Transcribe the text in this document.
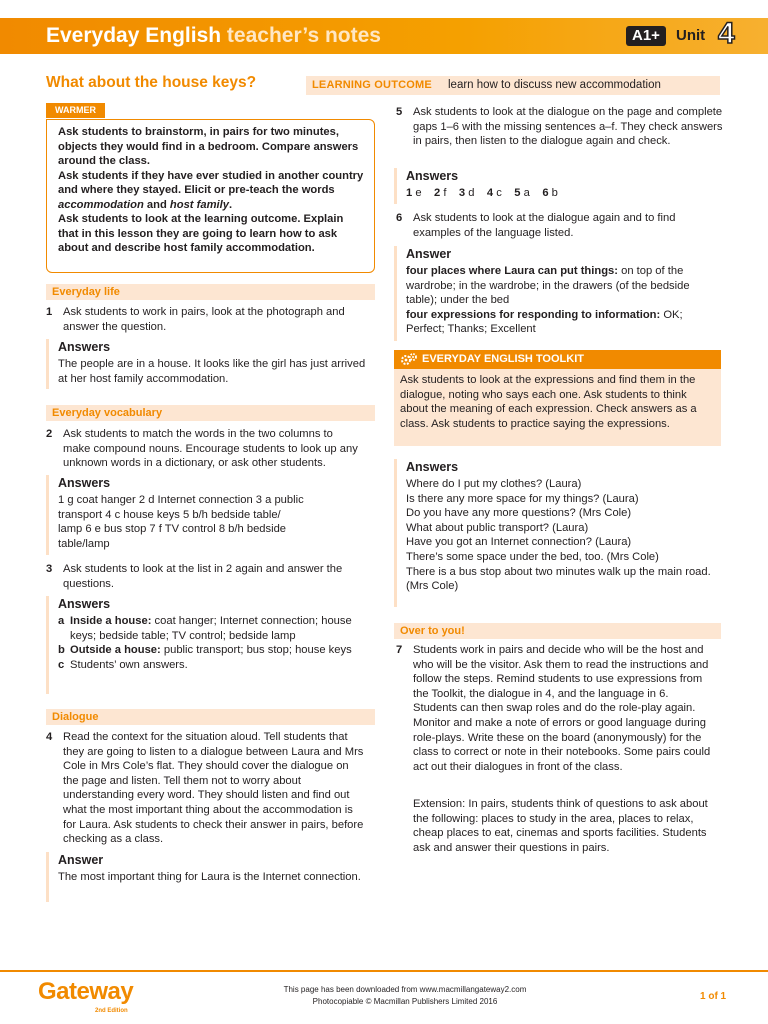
Everyday English teacher’s notes	A1+	Unit 4
What about the house keys?	LEARNING OUTCOME	learn how to discuss new accommodation
WARMER

Ask students to brainstorm, in pairs for two minutes, objects they would find in a bedroom. Compare answers around the class.

Ask students if they have ever studied in another country and where they stayed. Elicit or pre-teach the words accommodation and host family.

Ask students to look at the learning outcome. Explain that in this lesson they are going to learn how to ask about and describe host family accommodation.

Everyday life
1 Ask students to work in pairs, look at the photograph and answer the question.
Answers
The people are in a house. It looks like the girl has just arrived at her host family accommodation.
Everyday vocabulary
2 Ask students to match the words in the two columns to make compound nouns. Encourage students to look up any unknown words in a dictionary, or ask other students.
Answers
1 g coat hanger 2 d Internet connection 3 a public
transport 4 c house keys 5 b/h bedside table/
lamp 6 e bus stop 7 f TV control 8 b/h bedside
table/lamp
3 Ask students to look at the list in 2 again and answer the questions.
Answers
a Inside a house: coat hanger; Internet connection; house keys; bedside table; TV control; bedside lamp
b Outside a house: public transport; bus stop; house keys
c Students’ own answers.
Dialogue
4 Read the context for the situation aloud. Tell students that they are going to listen to a dialogue between Laura and Mrs Cole in Mrs Cole’s flat. They should cover the dialogue on the page and listen. Tell them not to worry about understanding every word. They should listen and find out what the most important thing about the accommodation is for Laura. Ask students to check their answer in pairs, before checking as a class.
Answer
The most important thing for Laura is the Internet connection.
5 Ask students to look at the dialogue on the page and complete gaps 1–6 with the missing sentences a–f. They check answers in pairs, then listen to the dialogue again and check.
Answers
1 e 2 f 3 d 4 c 5 a 6 b
6 Ask students to look at the dialogue again and to find examples of the language listed.
Answer
four places where Laura can put things: on top of the wardrobe; in the wardrobe; in the drawers (of the bedside table); under the bed
four expressions for responding to information: OK; Perfect; Thanks; Excellent
EVERYDAY ENGLISH TOOLKIT
Ask students to look at the expressions and find them in the dialogue, noting who says each one. Ask students to think about the meaning of each expression. Check answers as a class. Ask students to practice saying the expressions.
Answers
Where do I put my clothes? (Laura)
Is there any more space for my things? (Laura)
Do you have any more questions? (Mrs Cole)
What about public transport? (Laura)
Have you got an Internet connection? (Laura)
There’s some space under the bed, too. (Mrs Cole)
There is a bus stop about two minutes walk up the main road. (Mrs Cole)
Over to you!
7 Students work in pairs and decide who will be the host and who will be the visitor. Ask them to read the instructions and follow the steps. Remind students to use expressions from the Toolkit, the dialogue in 4, and the language in 6. Students can then swap roles and do the role-play again. Monitor and make a note of errors or good language during role-plays. Write these on the board (anonymously) for the class to correct or note in their notebooks. Some pairs could act out their dialogues in front of the class.
Extension: In pairs, students think of questions to ask about the following: places to study in the area, places to relax, cheap places to eat, cinemas and sports facilities. Students ask and answer their questions in pairs.
Gateway
2nd Edition
This page has been downloaded from www.macmillangateway2.com
Photocopiable © Macmillan Publishers Limited 2016	1 of 1
